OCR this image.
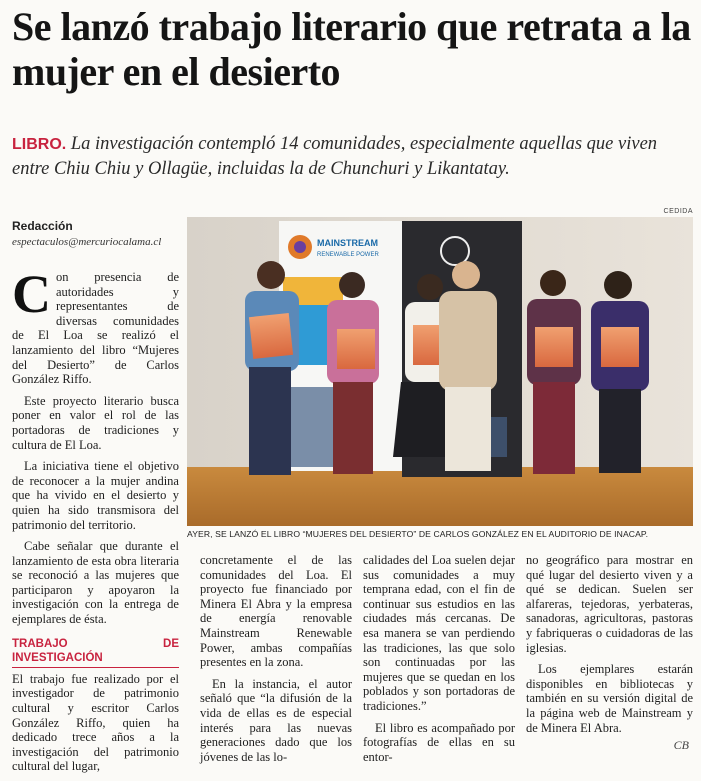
Se lanzó trabajo literario que retrata a la mujer en el desierto

LIBRO. La investigación contempló 14 comunidades, especialmente aquellas que viven entre Chiu Chiu y Ollagüe, incluidas la de Chunchuri y Likantatay.

Redacción
espectaculos@mercuriocalama.cl

C on presencia de autoridades y representantes de diversas comunidades de El Loa se realizó el lanzamiento del libro “Mujeres del Desierto” de Carlos González Riffo.

Este proyecto literario busca poner en valor el rol de las portadoras de tradiciones y cultura de El Loa.

La iniciativa tiene el objetivo de reconocer a la mujer andina que ha vivido en el desierto y quien ha sido transmisora del patrimonio del territorio.

Cabe señalar que durante el lanzamiento de esta obra literaria se reconoció a las mujeres que participaron y apoyaron la investigación con la entrega de ejemplares de ésta.

TRABAJO DE INVESTIGACIÓN

El trabajo fue realizado por el investigador de patrimonio cultural y escritor Carlos González Riffo, quien ha dedicado trece años a la investigación del patrimonio cultural del lugar,

CEDIDA
MAINSTREAM
RENEWABLE POWER
AYER, SE LANZÓ EL LIBRO “MUJERES DEL DESIERTO” DE CARLOS GONZÁLEZ EN EL AUDITORIO DE INACAP.

concretamente el de las comunidades del Loa. El proyecto fue financiado por Minera El Abra y la empresa de energía renovable Mainstream Renewable Power, ambas compañías presentes en la zona.

En la instancia, el autor señaló que “la difusión de la vida de ellas es de especial interés para las nuevas generaciones dado que los jóvenes de las lo-

calidades del Loa suelen dejar sus comunidades a muy temprana edad, con el fin de continuar sus estudios en las ciudades más cercanas. De esa manera se van perdiendo las tradiciones, las que solo son continuadas por las mujeres que se quedan en los poblados y son portadoras de tradiciones.”

El libro es acompañado por fotografías de ellas en su entor-

no geográfico para mostrar en qué lugar del desierto viven y a qué se dedican. Suelen ser alfareras, tejedoras, yerbateras, sanadoras, agricultoras, pastoras y fabriqueras o cuidadoras de las iglesias.

Los ejemplares estarán disponibles en bibliotecas y también en su versión digital de la página web de Mainstream y de Minera El Abra.

CB
